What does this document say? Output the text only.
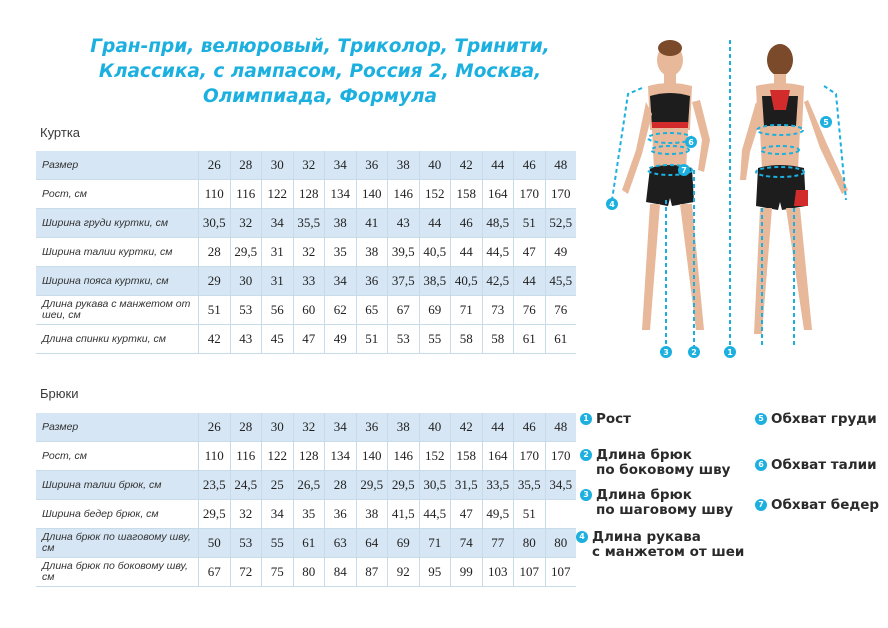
Гран-при, велюровый, Триколор, Тринити,
Классика, с лампасом, Россия 2, Москва,
Олимпиада, Формула
Куртка
Размер	26	28	30	32	34	36	38	40	42	44	46	48
Рост, см	110	116	122	128	134	140	146	152	158	164	170	170
Ширина груди куртки, см	30,5	32	34	35,5	38	41	43	44	46	48,5	51	52,5
Ширина талии куртки, см	28	29,5	31	32	35	38	39,5	40,5	44	44,5	47	49
Ширина пояса куртки, см	29	30	31	33	34	36	37,5	38,5	40,5	42,5	44	45,5
Длина рукава с манжетом от шеи, см	51	53	56	60	62	65	67	69	71	73	76	76
Длина спинки куртки, см	42	43	45	47	49	51	53	55	58	58	61	61
Брюки
Размер	26	28	30	32	34	36	38	40	42	44	46	48
Рост, см	110	116	122	128	134	140	146	152	158	164	170	170
Ширина талии брюк, см	23,5	24,5	25	26,5	28	29,5	29,5	30,5	31,5	33,5	35,5	34,5
Ширина бедер брюк, см	29,5	32	34	35	36	38	41,5	44,5	47	49,5	51	
Длина брюк по шаговому шву, см	50	53	55	61	63	64	69	71	74	77	80	80
Длина брюк по боковому шву, см	67	72	75	80	84	87	92	95	99	103	107	107
1
2
3
4
5
6
7
1 Рост
2 Длина брюк
по боковому шву
3 Длина брюк
по шаговому шву
4 Длина рукава
с манжетом от шеи
5 Обхват груди
6 Обхват талии
7 Обхват бедер
